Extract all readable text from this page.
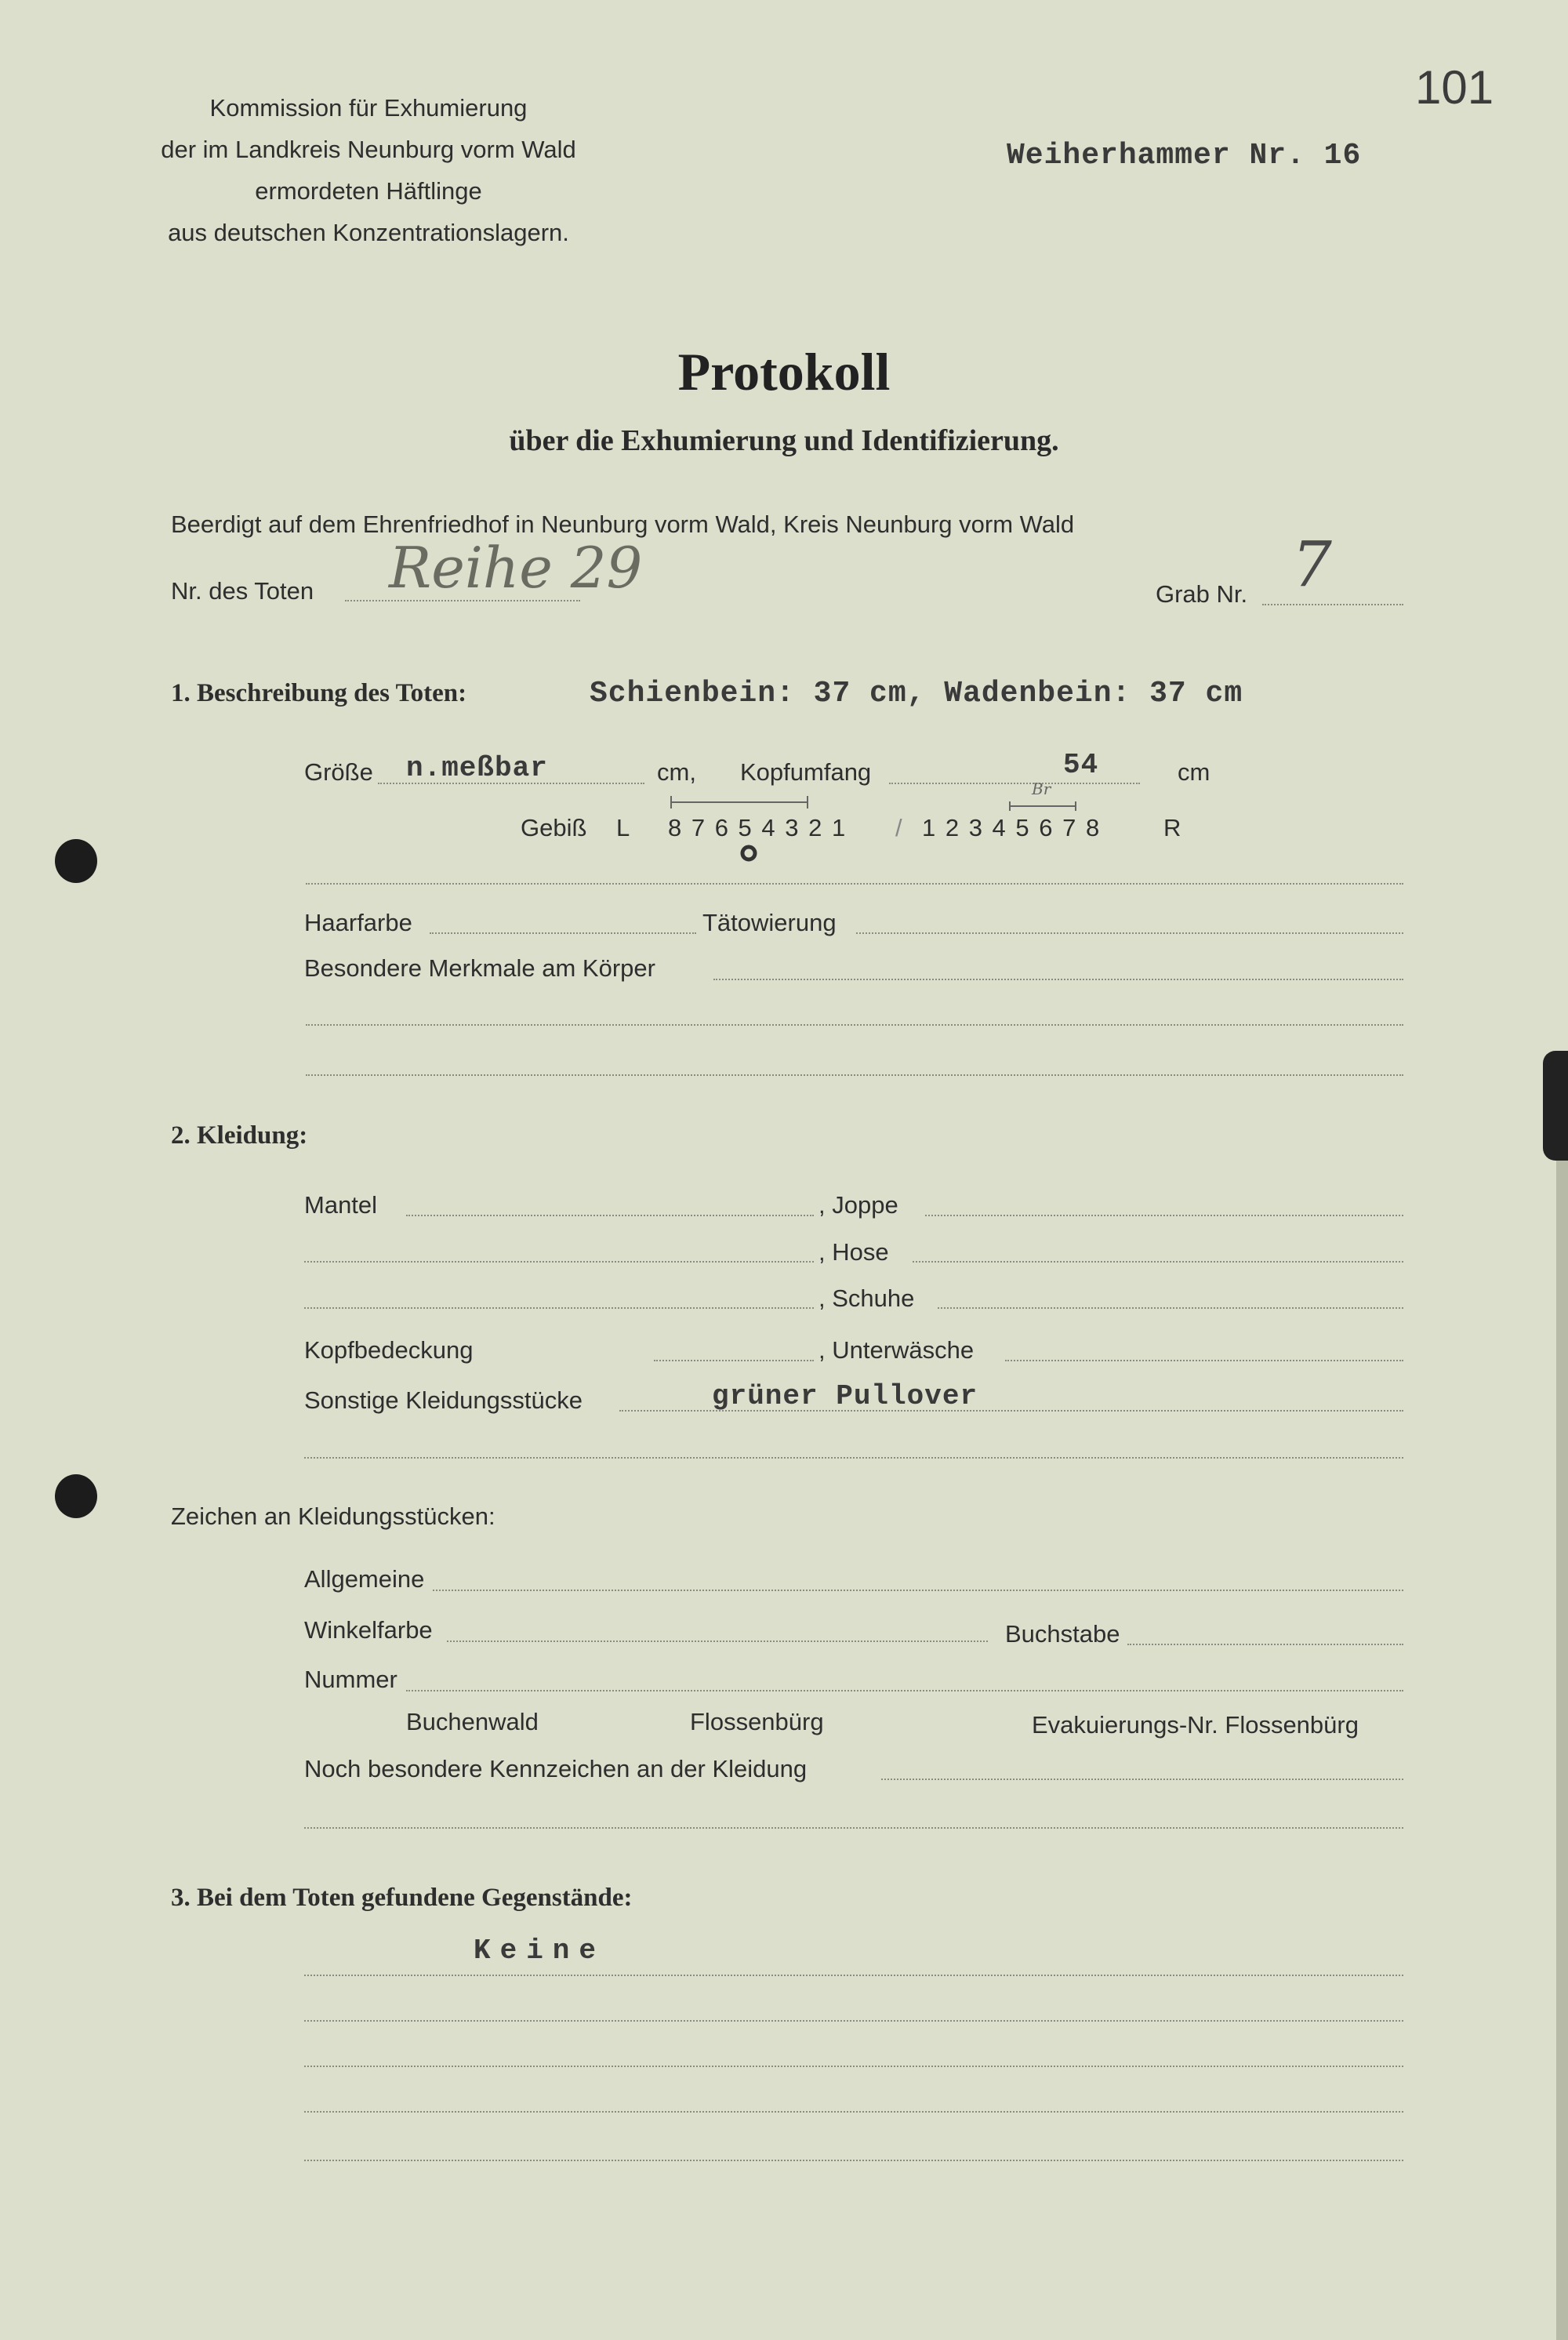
Kommission für Exhumierung
der im Landkreis Neunburg vorm Wald
ermordeten Häftlinge
aus deutschen Konzentrationslagern.
Weiherhammer Nr. 16
101
Protokoll
über die Exhumierung und Identifizierung.
Beerdigt auf dem Ehrenfriedhof in Neunburg vorm Wald, Kreis Neunburg vorm Wald
Nr. des Toten Reihe 29	Grab Nr. 7
1. Beschreibung des Toten:	Schienbein: 37 cm, Wadenbein: 37 cm
Größe n.meßbar	cm, Kopfumfang	54	cm
Gebiß L 8 7 6 5 4 3 2 1 / 1 2 3 4 5 6 7 8	R
Br
Haarfarbe	Tätowierung
Besondere Merkmale am Körper
2. Kleidung:
Mantel	, Joppe
, Hose
, Schuhe
Kopfbedeckung	, Unterwäsche
Sonstige Kleidungsstücke	grüner Pullover
Zeichen an Kleidungsstücken:
Allgemeine
Winkelfarbe	Buchstabe
Nummer
Buchenwald	Flossenbürg	Evakuierungs-Nr. Flossenbürg
Noch besondere Kennzeichen an der Kleidung
3. Bei dem Toten gefundene Gegenstände:
Keine
